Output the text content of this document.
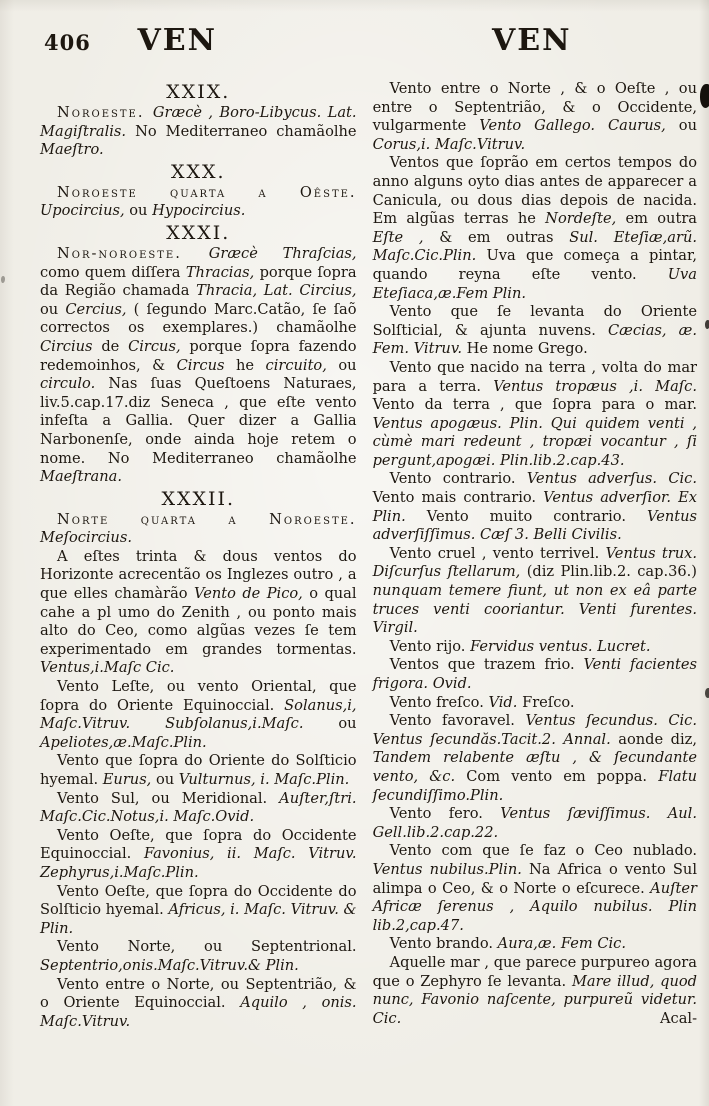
406 VEN	VEN

XXIX.

Noroeste. Græcè , Boro-Libycus. Lat. Magiſtralis. No Mediterraneo chamãolhe Maeſtro.

XXX.

Noroeste quarta a Oêste. Upocircius, ou Hypocircius.

XXXI.

Nor-noroeste. Græcè Thraſcias, como quem diſſera Thracias, porque ſopra da Região chamada Thracia, Lat. Circius, ou Cercius, ( ſegundo Marc.Catão, ſe ſaõ correctos os exemplares.) chamãolhe Circius de Circus, porque ſopra fazendo redemoinhos, & Circus he circuito, ou circulo. Nas ſuas Queſtoens Naturaes, liv.5.cap.17.diz Seneca , que eſte vento infeſta a Gallia. Quer dizer a Gallia Narbonenſe, onde ainda hoje retem o nome. No Mediterraneo chamãolhe Maeſtrana.

XXXII.

Norte quarta a Noroeste. Meſocircius.

A eſtes trinta & dous ventos do Horizonte acrecentão os Inglezes outro , a que elles chamàrão Vento de Pico, o qual cahe a pl umo do Zenith , ou ponto mais alto do Ceo, como algũas vezes ſe tem experimentado em grandes tormentas. Ventus,i.Maſc Cic.

Vento Leſte, ou vento Oriental, que ſopra do Oriente Equinoccial. Solanus,i, Maſc.Vitruv. Subſolanus,i.Maſc. ou Apeliotes,æ.Maſc.Plin.

Vento que ſopra do Oriente do Solſticio hyemal. Eurus, ou Vulturnus, i. Maſc.Plin.

Vento Sul, ou Meridional. Auſter,ſtri. Maſc.Cic.Notus,i. Maſc.Ovid.

Vento Oeſte, que ſopra do Occidente Equinoccial. Favonius, ii. Maſc. Vitruv. Zephyrus,i.Maſc.Plin.

Vento Oeſte, que ſopra do Occidente do Solſticio hyemal. Africus, i. Maſc. Vitruv. & Plin.

Vento Norte, ou Septentrional. Septentrio,onis.Maſc.Vitruv.& Plin.

Vento entre o Norte, ou Septentrião, & o Oriente Equinoccial. Aquilo , onis. Maſc.Vitruv.

Vento entre o Norte , & o Oeſte , ou entre o Septentrião, & o Occidente, vulgarmente Vento Gallego. Caurus, ou Corus,i. Maſc.Vitruv.

Ventos que ſoprão em certos tempos do anno alguns oyto dias antes de apparecer a Canicula, ou dous dias depois de nacida. Em algũas terras he Nordeſte, em outra Eſte , & em outras Sul. Eteſiæ,arũ. Maſc.Cic.Plin. Uva que começa a pintar, quando reyna eſte vento. Uva Eteſiaca,æ.Fem Plin.

Vento que ſe levanta do Oriente Solſticial, & ajunta nuvens. Cæcias, æ. Fem. Vitruv. He nome Grego.

Vento que nacido na terra , volta do mar para a terra. Ventus tropæus ,i. Maſc. Vento da terra , que ſopra para o mar. Ventus apogæus. Plin. Qui quidem venti , cùmè mari redeunt , tropæi vocantur , ſi pergunt,apogæi. Plin.lib.2.cap.43.

Vento contrario. Ventus adverſus. Cic. Vento mais contrario. Ventus adverſior. Ex Plin. Vento muito contrario. Ventus adverſiſſimus. Cæſ 3. Belli Civilis.

Vento cruel , vento terrivel. Ventus trux. Diſcurſus ſtellarum, (diz Plin.lib.2. cap.36.) nunquam temere fiunt, ut non ex eâ parte truces venti cooriantur. Venti furentes. Virgil.

Vento rijo. Fervidus ventus. Lucret.

Ventos que trazem frio. Venti facientes frigora. Ovid.

Vento freſco. Vid. Freſco.

Vento favoravel. Ventus ſecundus. Cic. Ventus ſecundăs.Tacit.2. Annal. aonde diz, Tandem relabente æſtu , & ſecundante vento, &c. Com vento em poppa. Flatu ſecundiſſimo.Plin.

Vento fero. Ventus ſæviſſimus. Aul. Gell.lib.2.cap.22.

Vento com que ſe faz o Ceo nublado. Ventus nubilus.Plin. Na Africa o vento Sul alimpa o Ceo, & o Norte o eſcurece. Auſter Africæ ſerenus , Aquilo nubilus. Plin lib.2,cap.47.

Vento brando. Aura,æ. Fem Cic.

Aquelle mar , que parece purpureo agora que o Zephyro ſe levanta. Mare illud, quod nunc, Favonio naſcente, purpureũ videtur. Cic.	Acal-
